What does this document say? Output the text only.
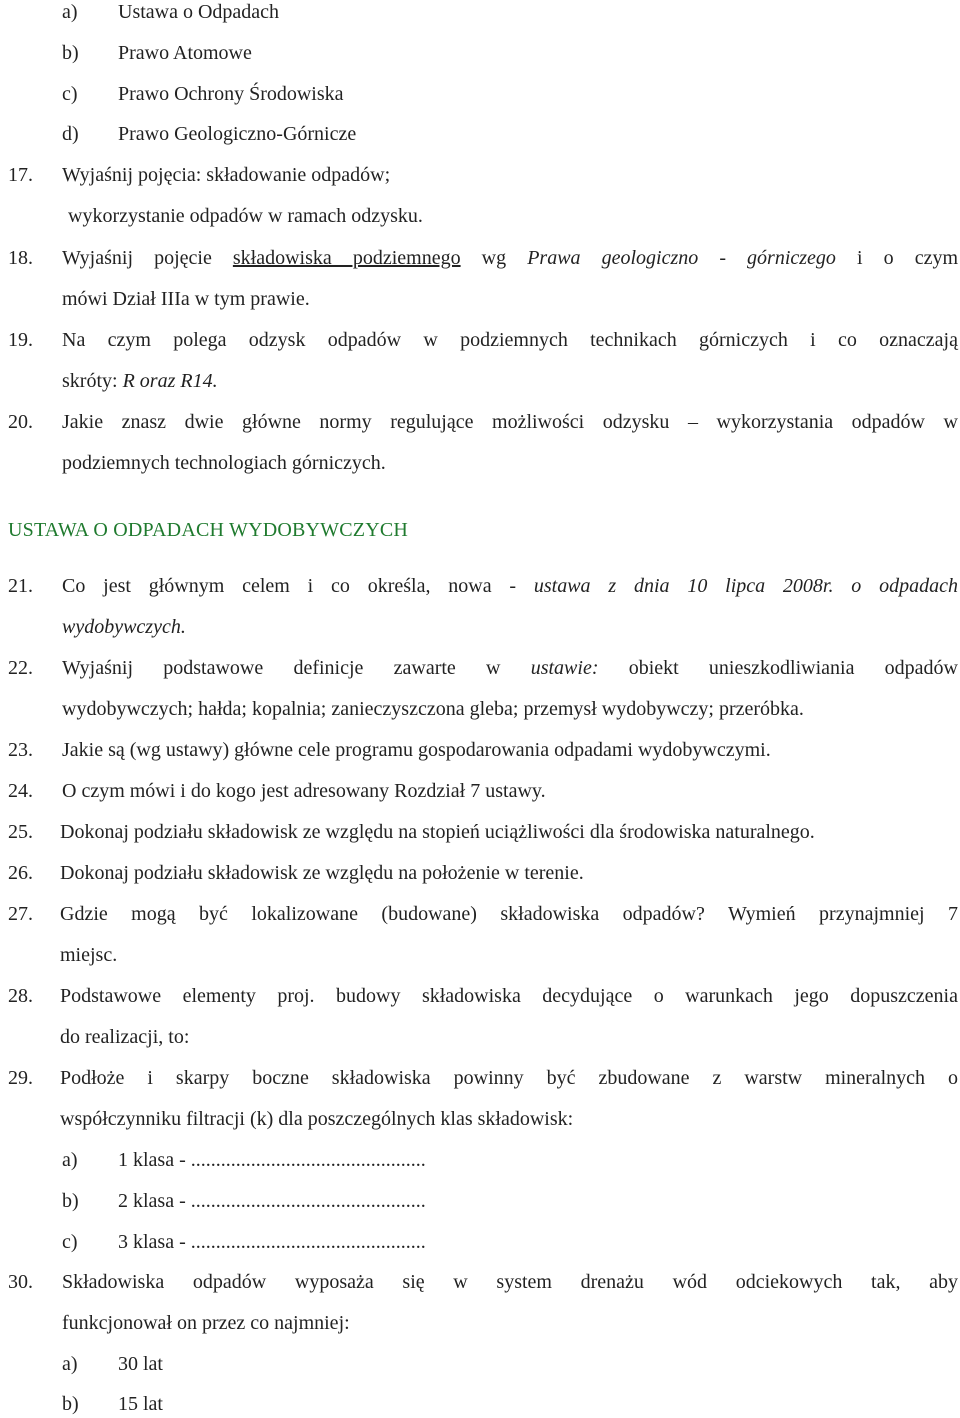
a) Ustawa o Odpadach
b) Prawo Atomowe
c) Prawo Ochrony Środowiska
d) Prawo Geologiczno-Górnicze
17. Wyjaśnij pojęcia: składowanie odpadów;
wykorzystanie odpadów w ramach odzysku.
18. Wyjaśnij pojęcie składowiska podziemnego wg Prawa geologiczno - górniczego i o czym
mówi Dział IIIa w tym prawie.
19. Na czym polega odzysk odpadów w podziemnych technikach górniczych i co oznaczają
skróty: R oraz R14.
20. Jakie znasz dwie główne normy regulujące możliwości odzysku – wykorzystania odpadów w
podziemnych technologiach górniczych.
USTAWA O ODPADACH WYDOBYWCZYCH
21. Co jest głównym celem i co określa, nowa - ustawa z dnia 10 lipca 2008r. o odpadach
wydobywczych.
22. Wyjaśnij podstawowe definicje zawarte w ustawie: obiekt unieszkodliwiania odpadów
wydobywczych; hałda; kopalnia; zanieczyszczona gleba; przemysł wydobywczy; przeróbka.
23. Jakie są (wg ustawy) główne cele programu gospodarowania odpadami wydobywczymi.
24. O czym mówi i do kogo jest adresowany Rozdział 7 ustawy.
25. Dokonaj podziału składowisk ze względu na stopień uciążliwości dla środowiska naturalnego.
26. Dokonaj podziału składowisk ze względu na położenie w terenie.
27. Gdzie mogą być lokalizowane (budowane) składowiska odpadów? Wymień przynajmniej 7
miejsc.
28. Podstawowe elementy proj. budowy składowiska decydujące o warunkach jego dopuszczenia
do realizacji, to:
29. Podłoże i skarpy boczne składowiska powinny być zbudowane z warstw mineralnych o
współczynniku filtracji (k) dla poszczególnych klas składowisk:
a) 1 klasa - ...............................................
b) 2 klasa - ...............................................
c) 3 klasa - ...............................................
30. Składowiska odpadów wyposaża się w system drenażu wód odciekowych tak, aby
funkcjonował on przez co najmniej:
a) 30 lat
b) 15 lat
